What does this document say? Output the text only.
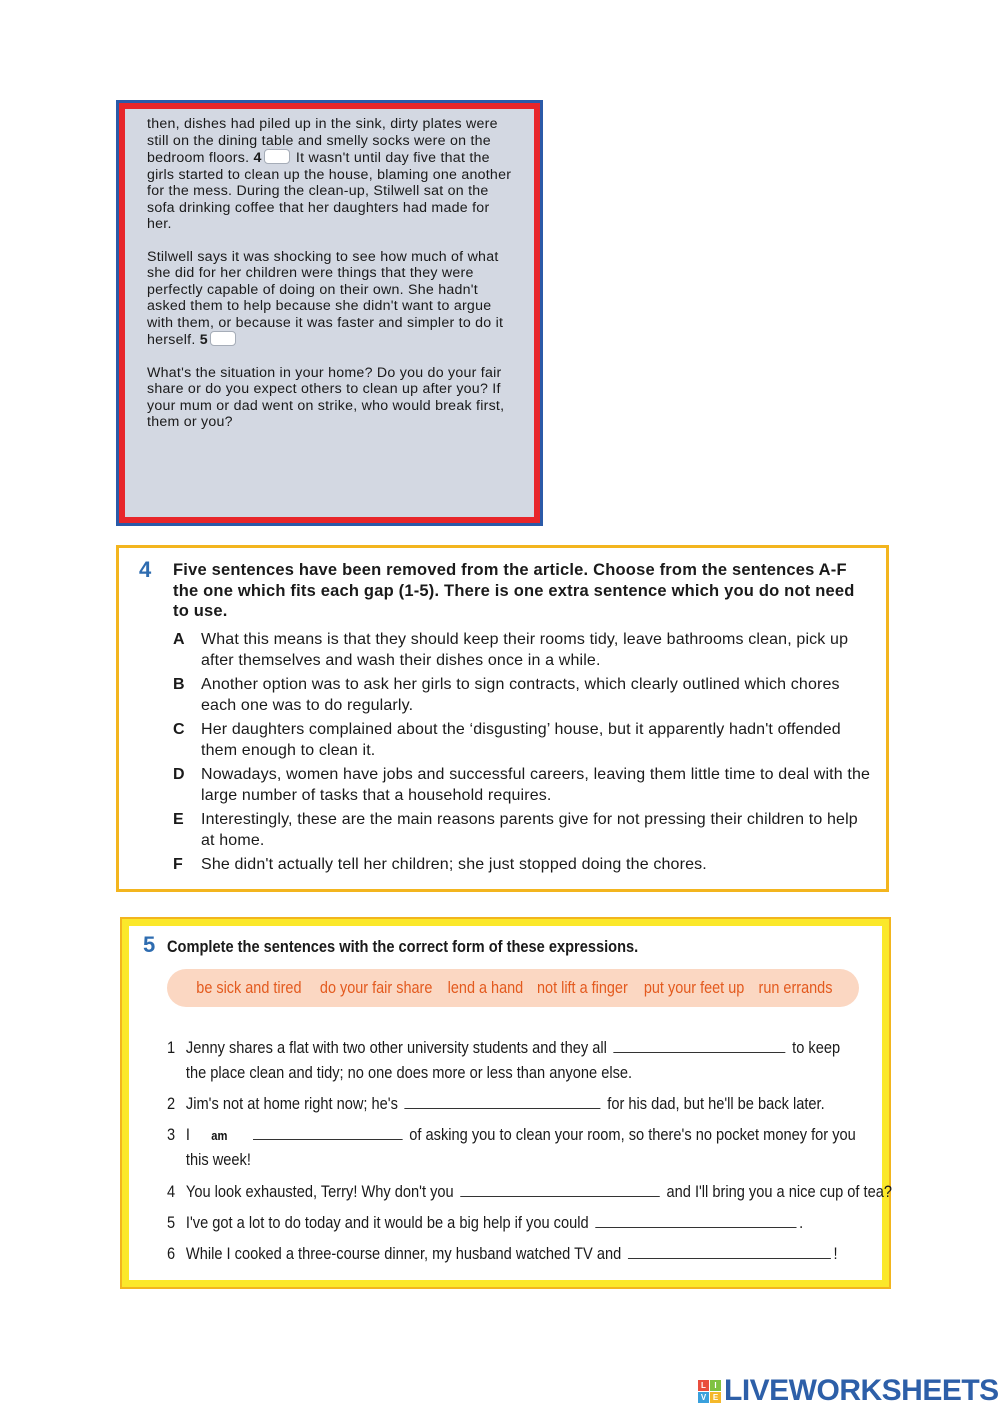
then, dishes had piled up in the sink, dirty plates were still on the dining table and smelly socks were on the bedroom floors. 4 It wasn't until day five that the girls started to clean up the house, blaming one another for the mess. During the clean-up, Stilwell sat on the sofa drinking coffee that her daughters had made for her.

Stilwell says it was shocking to see how much of what she did for her children were things that they were perfectly capable of doing on their own. She hadn't asked them to help because she didn't want to argue with them, or because it was faster and simpler to do it herself. 5

What's the situation in your home? Do you do your fair share or do you expect others to clean up after you? If your mum or dad went on strike, who would break first, them or you?

4 Five sentences have been removed from the article. Choose from the sentences A-F the one which fits each gap (1-5). There is one extra sentence which you do not need to use.
A	What this means is that they should keep their rooms tidy, leave bathrooms clean, pick up after themselves and wash their dishes once in a while.
B	Another option was to ask her girls to sign contracts, which clearly outlined which chores each one was to do regularly.
C	Her daughters complained about the ‘disgusting’ house, but it apparently hadn't offended them enough to clean it.
D	Nowadays, women have jobs and successful careers, leaving them little time to deal with the large number of tasks that a household requires.
E	Interestingly, these are the main reasons parents give for not pressing their children to help at home.
F	She didn't actually tell her children; she just stopped doing the chores.
5 Complete the sentences with the correct form of these expressions.
be sick and tired do your fair share lend a hand not lift a finger put your feet up run errands
1 Jenny shares a flat with two other university students and they all	to keep
the place clean and tidy; no one does more or less than anyone else.
2 Jim's not at home right now; he's	for his dad, but he'll be back later.
3 I am	of asking you to clean your room, so there's no pocket money for you
this week!
4 You look exhausted, Terry! Why don't you	and I'll bring you a nice cup of tea?
5 I've got a lot to do today and it would be a big help if you could	.
6 While I cooked a three-course dinner, my husband watched TV and	!
L	I
V E LIVEWORKSHEETS
